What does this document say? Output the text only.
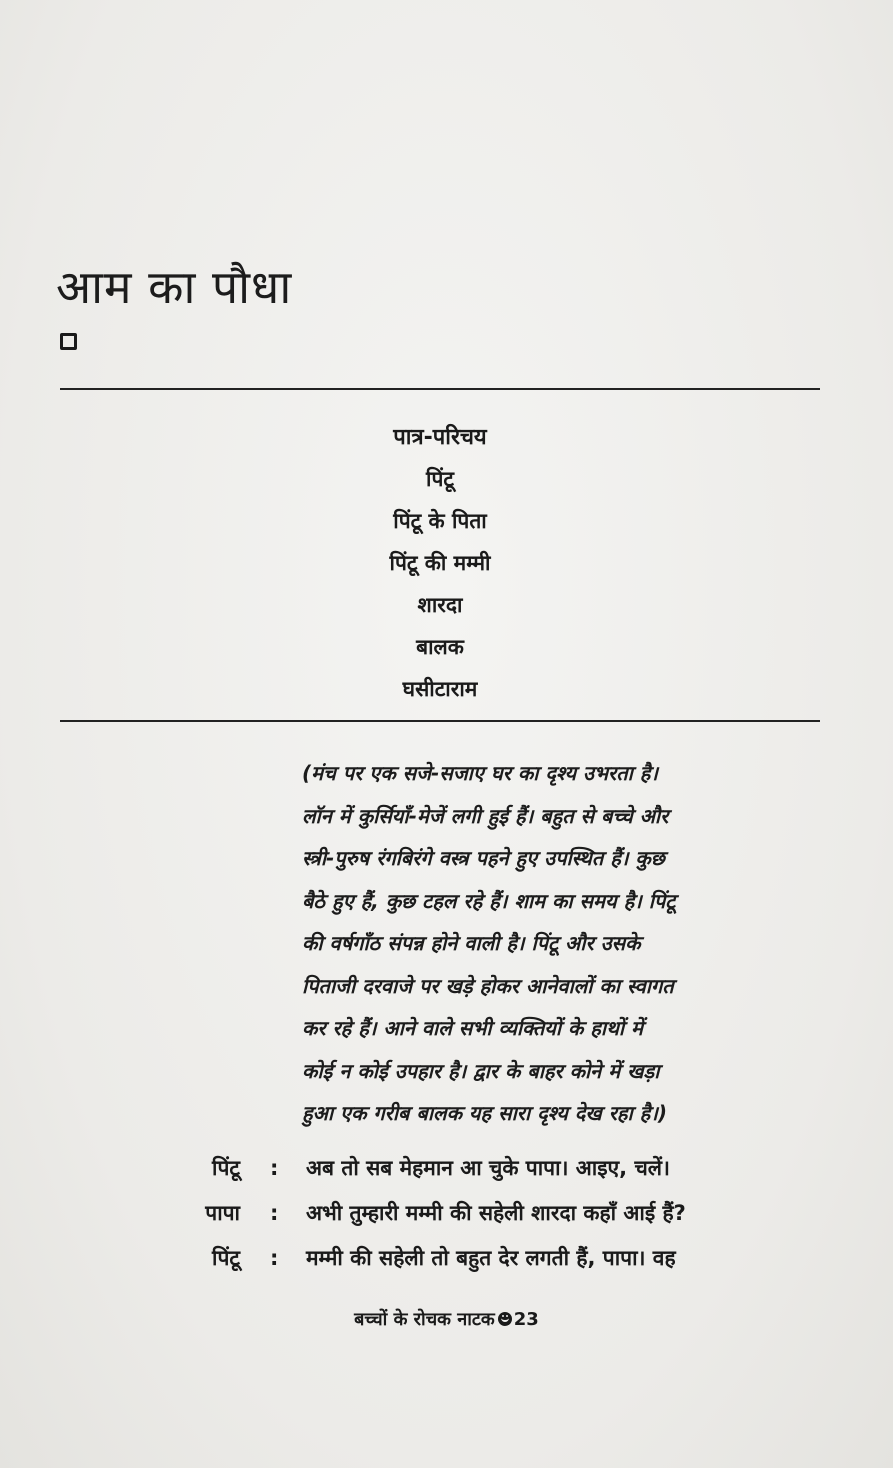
आम का पौधा
पात्र-परिचय
पिंटू
पिंटू के पिता
पिंटू की मम्मी
शारदा
बालक
घसीटाराम
(मंच पर एक सजे-सजाए घर का दृश्य उभरता है।
लॉन में कुर्सियाँ-मेजें लगी हुई हैं। बहुत से बच्चे और
स्त्री-पुरुष रंगबिरंगे वस्त्र पहने हुए उपस्थित हैं। कुछ
बैठे हुए हैं, कुछ टहल रहे हैं। शाम का समय है। पिंटू
की वर्षगाँठ संपन्न होने वाली है। पिंटू और उसके
पिताजी दरवाजे पर खड़े होकर आनेवालों का स्वागत
कर रहे हैं। आने वाले सभी व्यक्तियों के हाथों में
कोई न कोई उपहार है। द्वार के बाहर कोने में खड़ा
हुआ एक गरीब बालक यह सारा दृश्य देख रहा है।)
पिंटू : अब तो सब मेहमान आ चुके पापा। आइए, चलें।
पापा : अभी तुम्हारी मम्मी की सहेली शारदा कहाँ आई हैं?
पिंटू : मम्मी की सहेली तो बहुत देर लगती हैं, पापा। वह
बच्चों के रोचक नाटक 23
